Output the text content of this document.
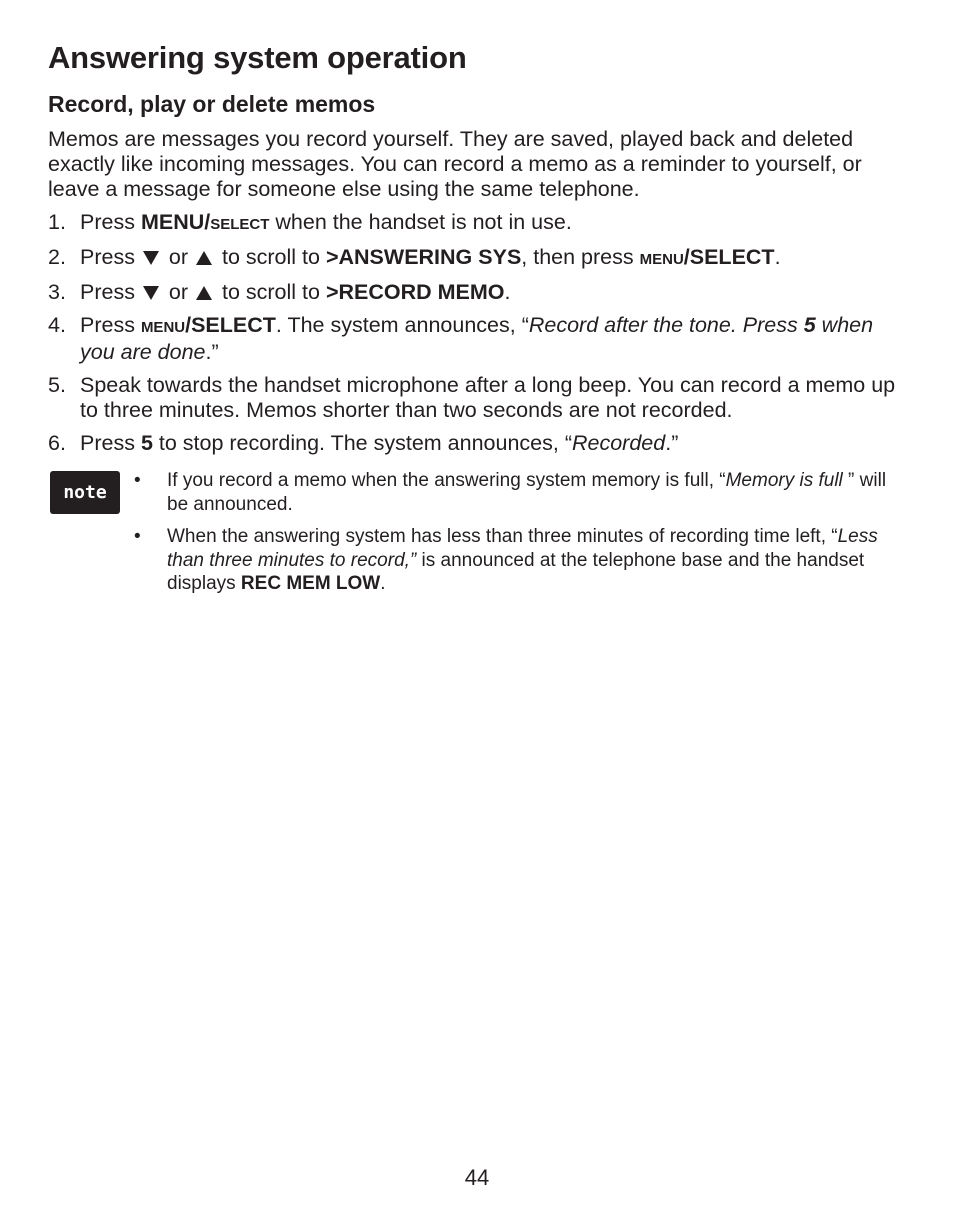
Answering system operation
Record, play or delete memos

Memos are messages you record yourself. They are saved, played back and deleted exactly like incoming messages. You can record a memo as a reminder to yourself, or leave a message for someone else using the same telephone.

1. Press MENU/SELECT when the handset is not in use.
2. Press  or  to scroll to >ANSWERING SYS, then press MENU/SELECT.
3. Press  or  to scroll to >RECORD MEMO.
4. Press MENU/SELECT. The system announces, “Record after the tone. Press 5 when you are done.”
5. Speak towards the handset microphone after a long beep. You can record a memo up to three minutes. Memos shorter than two seconds are not recorded.
6. Press 5 to stop recording. The system announces, “Recorded.”
note
• If you record a memo when the answering system memory is full, “Memory is full ” will be announced.
• When the answering system has less than three minutes of recording time left, “Less than three minutes to record,” is announced at the telephone base and the handset displays REC MEM LOW.
44
